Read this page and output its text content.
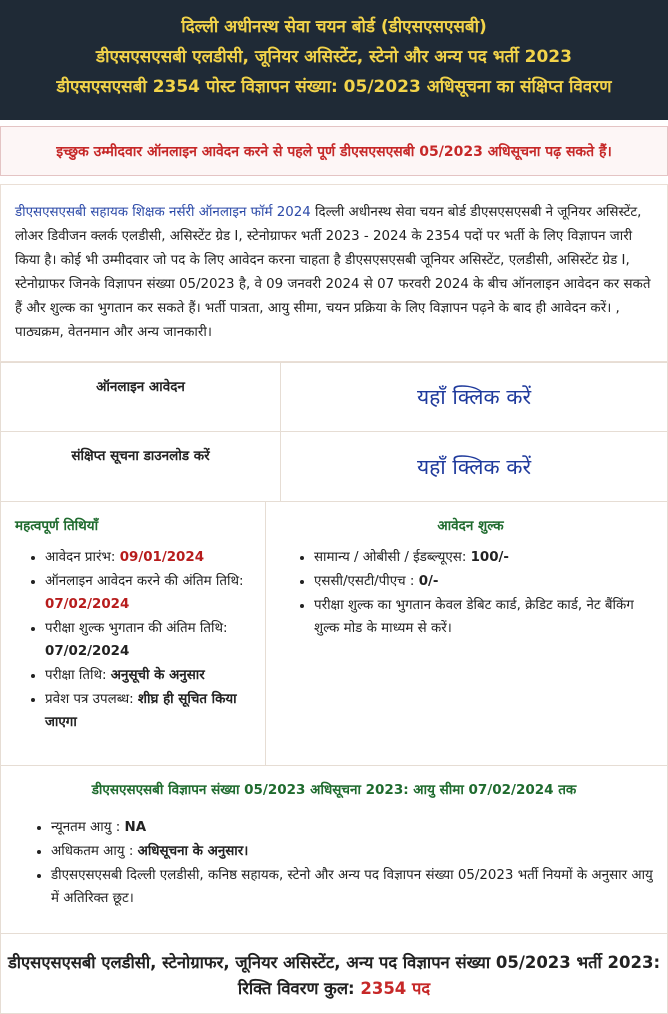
दिल्ली अधीनस्थ सेवा चयन बोर्ड (डीएसएसएसबी)
डीएसएसएसबी एलडीसी, जूनियर असिस्टेंट, स्टेनो और अन्य पद भर्ती 2023
डीएसएसएसबी 2354 पोस्ट विज्ञापन संख्या: 05/2023 अधिसूचना का संक्षिप्त विवरण
इच्छुक उम्मीदवार ऑनलाइन आवेदन करने से पहले पूर्ण डीएसएसएसबी 05/2023 अधिसूचना पढ़ सकते हैं।
डीएसएसएसबी सहायक शिक्षक नर्सरी ऑनलाइन फॉर्म 2024 दिल्ली अधीनस्थ सेवा चयन बोर्ड डीएसएसएसबी ने जूनियर असिस्टेंट, लोअर डिवीजन क्लर्क एलडीसी, असिस्टेंट ग्रेड I, स्टेनोग्राफर भर्ती 2023 - 2024 के 2354 पदों पर भर्ती के लिए विज्ञापन जारी किया है। कोई भी उम्मीदवार जो पद के लिए आवेदन करना चाहता है डीएसएसएसबी जूनियर असिस्टेंट, एलडीसी, असिस्टेंट ग्रेड I, स्टेनोग्राफर जिनके विज्ञापन संख्या 05/2023 है, वे 09 जनवरी 2024 से 07 फरवरी 2024 के बीच ऑनलाइन आवेदन कर सकते हैं और शुल्क का भुगतान कर सकते हैं। भर्ती पात्रता, आयु सीमा, चयन प्रक्रिया के लिए विज्ञापन पढ़ने के बाद ही आवेदन करें। , पाठ्यक्रम, वेतनमान और अन्य जानकारी।
ऑनलाइन आवेदन	यहाँ क्लिक करें
संक्षिप्त सूचना डाउनलोड करें	यहाँ क्लिक करें
महत्वपूर्ण तिथियाँ
• आवेदन प्रारंभ: 09/01/2024
• ऑनलाइन आवेदन करने की अंतिम तिथि: 07/02/2024
• परीक्षा शुल्क भुगतान की अंतिम तिथि: 07/02/2024
• परीक्षा तिथि: अनुसूची के अनुसार
• प्रवेश पत्र उपलब्ध: शीघ्र ही सूचित किया जाएगा
आवेदन शुल्क
• सामान्य / ओबीसी / ईडब्ल्यूएस: 100/-
• एससी/एसटी/पीएच : 0/-
• परीक्षा शुल्क का भुगतान केवल डेबिट कार्ड, क्रेडिट कार्ड, नेट बैंकिंग शुल्क मोड के माध्यम से करें।
डीएसएसएसबी विज्ञापन संख्या 05/2023 अधिसूचना 2023: आयु सीमा 07/02/2024 तक
• न्यूनतम आयु : NA
• अधिकतम आयु : अधिसूचना के अनुसार।
• डीएसएसएसबी दिल्ली एलडीसी, कनिष्ठ सहायक, स्टेनो और अन्य पद विज्ञापन संख्या 05/2023 भर्ती नियमों के अनुसार आयु में अतिरिक्त छूट।
डीएसएसएसबी एलडीसी, स्टेनोग्राफर, जूनियर असिस्टेंट, अन्य पद विज्ञापन संख्या 05/2023 भर्ती 2023: रिक्ति विवरण कुल: 2354 पद
